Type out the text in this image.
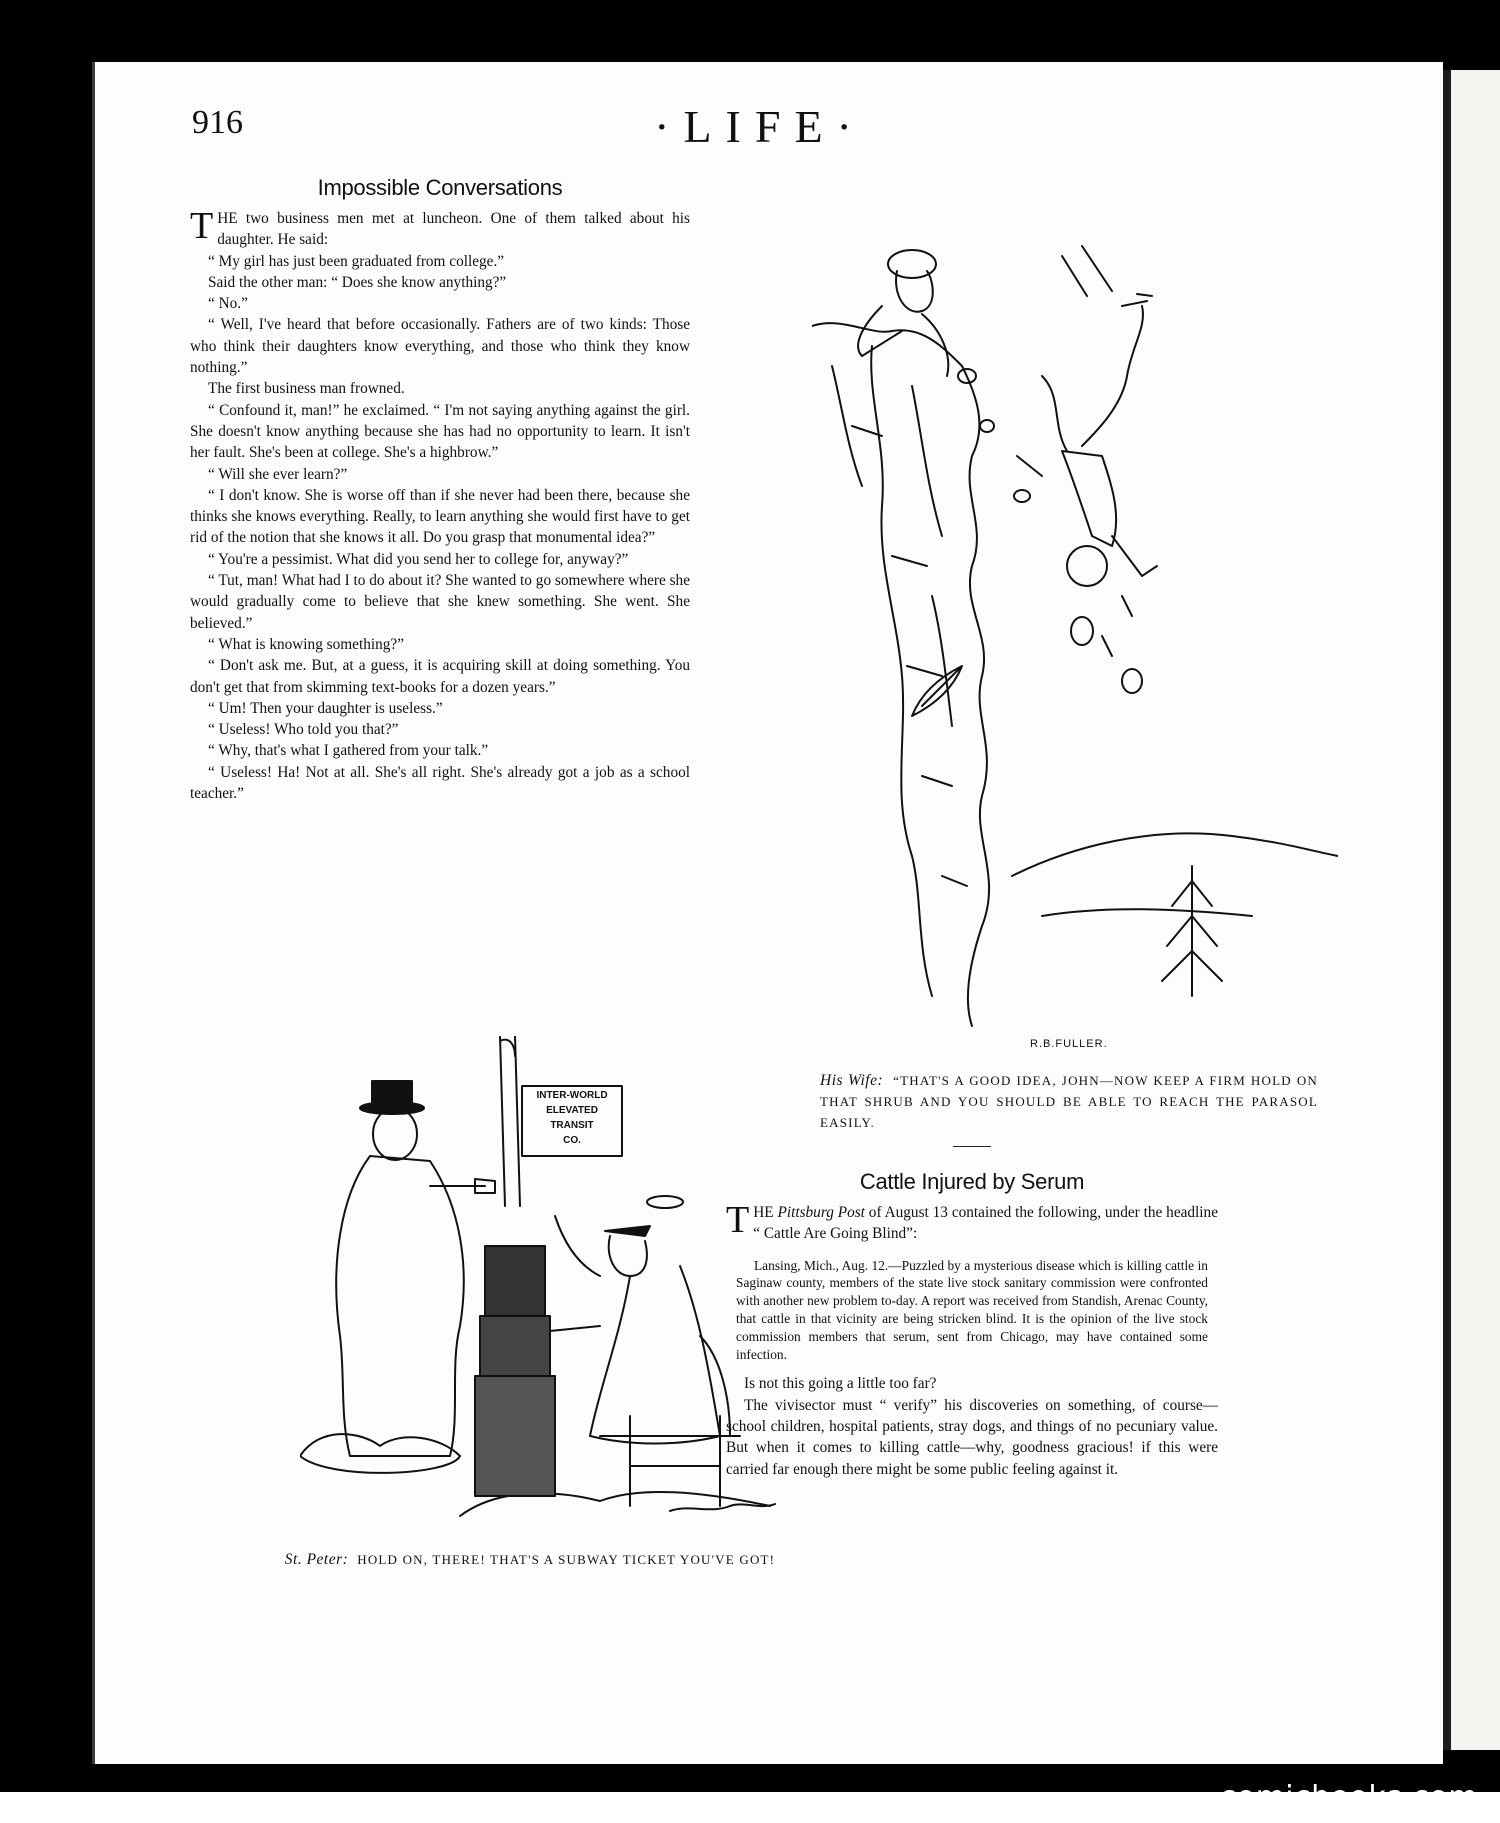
comicbooks.com
916	·LIFE·
Impossible Conversations

THE two business men met at luncheon. One of them talked about his daughter. He said:

“ My girl has just been graduated from college.”

Said the other man: “ Does she know anything?”

“ No.”

“ Well, I've heard that before occasionally. Fathers are of two kinds: Those who think their daughters know everything, and those who think they know nothing.”

The first business man frowned.

“ Confound it, man!” he exclaimed. “ I'm not saying anything against the girl. She doesn't know anything because she has had no opportunity to learn. It isn't her fault. She's been at college. She's a highbrow.”

“ Will she ever learn?”

“ I don't know. She is worse off than if she never had been there, because she thinks she knows everything. Really, to learn anything she would first have to get rid of the notion that she knows it all. Do you grasp that monumental idea?”

“ You're a pessimist. What did you send her to college for, anyway?”

“ Tut, man! What had I to do about it? She wanted to go somewhere where she would gradually come to believe that she knew something. She went. She believed.”

“ What is knowing something?”

“ Don't ask me. But, at a guess, it is acquiring skill at doing something. You don't get that from skimming text-books for a dozen years.”

“ Um! Then your daughter is useless.”

“ Useless! Who told you that?”

“ Why, that's what I gathered from your talk.”

“ Useless! Ha! Not at all. She's all right. She's already got a job as a school teacher.”

R.B.FULLER.
His Wife: “THAT'S A GOOD IDEA, JOHN—NOW KEEP A FIRM HOLD ON THAT SHRUB AND YOU SHOULD BE ABLE TO REACH THE PARASOL EASILY.
INTER-WORLD
ELEVATED
TRANSIT
CO.
St. Peter: HOLD ON, THERE! THAT'S A SUBWAY TICKET YOU'VE GOT!
Cattle Injured by Serum

THE Pittsburg Post of August 13 contained the following, under the headline “ Cattle Are Going Blind”:

Lansing, Mich., Aug. 12.—Puzzled by a mysterious disease which is killing cattle in Saginaw county, members of the state live stock sanitary commission were confronted with another new problem to-day. A report was received from Standish, Arenac County, that cattle in that vicinity are being stricken blind. It is the opinion of the live stock commission members that serum, sent from Chicago, may have contained some infection.

Is not this going a little too far?

The vivisector must “ verify” his discoveries on something, of course—school children, hospital patients, stray dogs, and things of no pecuniary value. But when it comes to killing cattle—why, goodness gracious! if this were carried far enough there might be some public feeling against it.
